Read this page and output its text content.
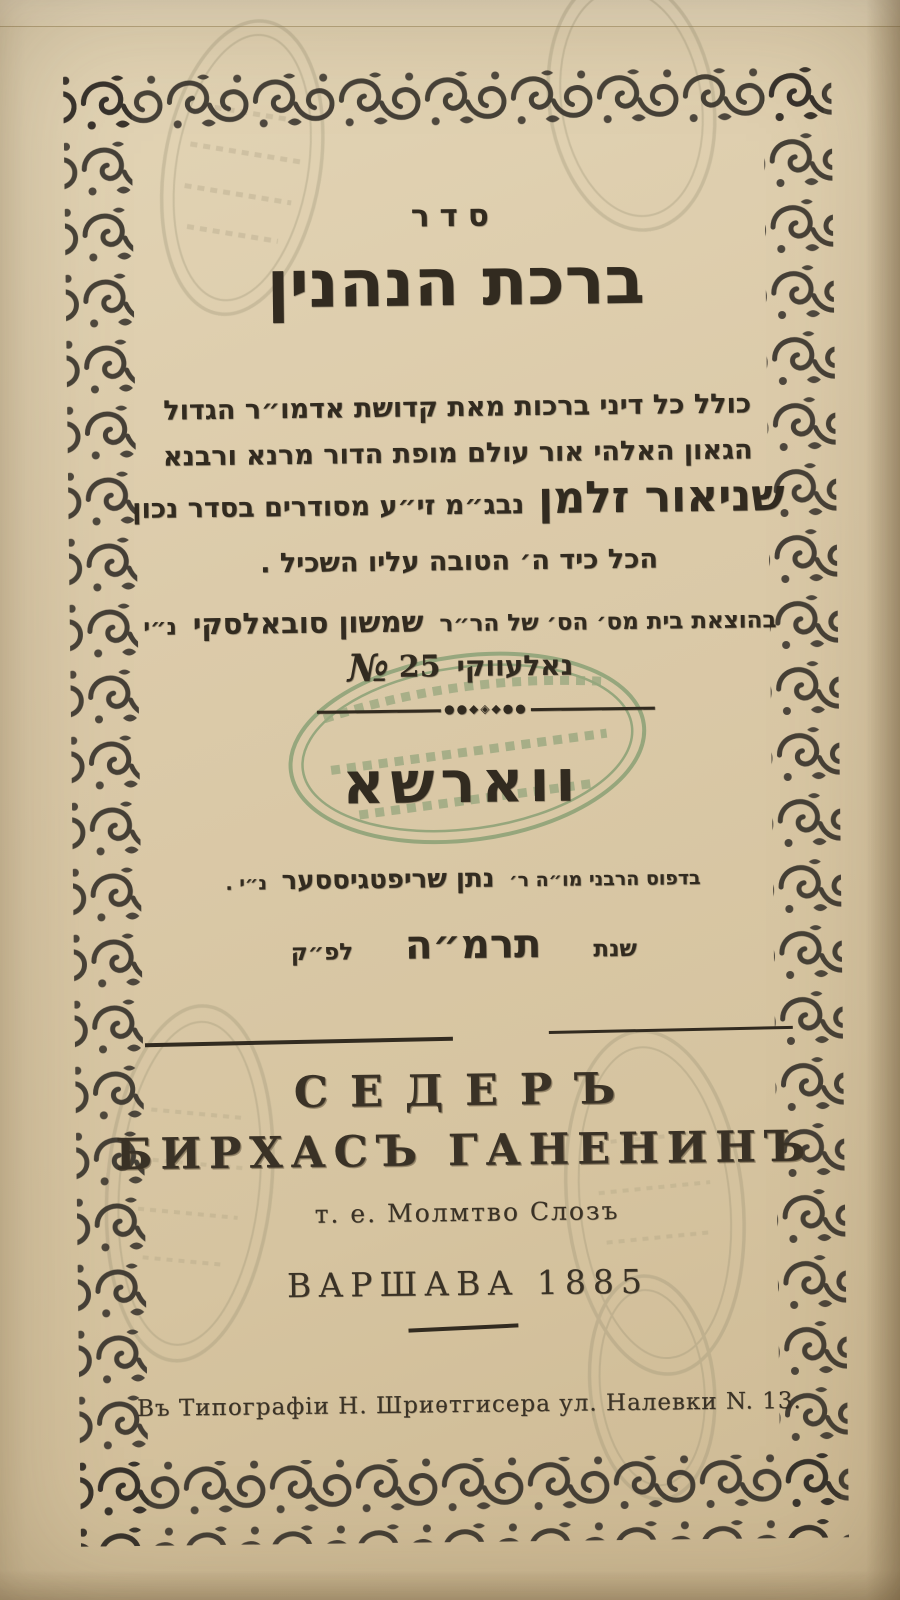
סדר
ברכת הנהנין
כולל כל דיני ברכות מאת קדושת אדמו״ר הגדול
הגאון האלהי אור עולם מופת הדור מרנא ורבנא
שניאור זלמןנבג״מ זי״ע מסודרים בסדר נכון
הכל כיד ה׳ הטובה עליו השכיל .
בהוצאת בית מס׳ הס׳ של הר״ר שמשון סובאלסקי נ״י
№ 25 נאלעווקי
●●◆◈◆●●
ווארשא
בדפוס הרבני מו״ה ר׳ נתן שריפטגיססער נ״י .
שנת
תרמ״ה
לפ״ק
СЕДЕРЪ
БИРХАСЪ ГАНЕНИНЪ
т. е. Молмтво Слозъ
ВАРШАВА 1885
Въ Типографіи Н. Шриѳтгисера ул. Налевки N. 13.
